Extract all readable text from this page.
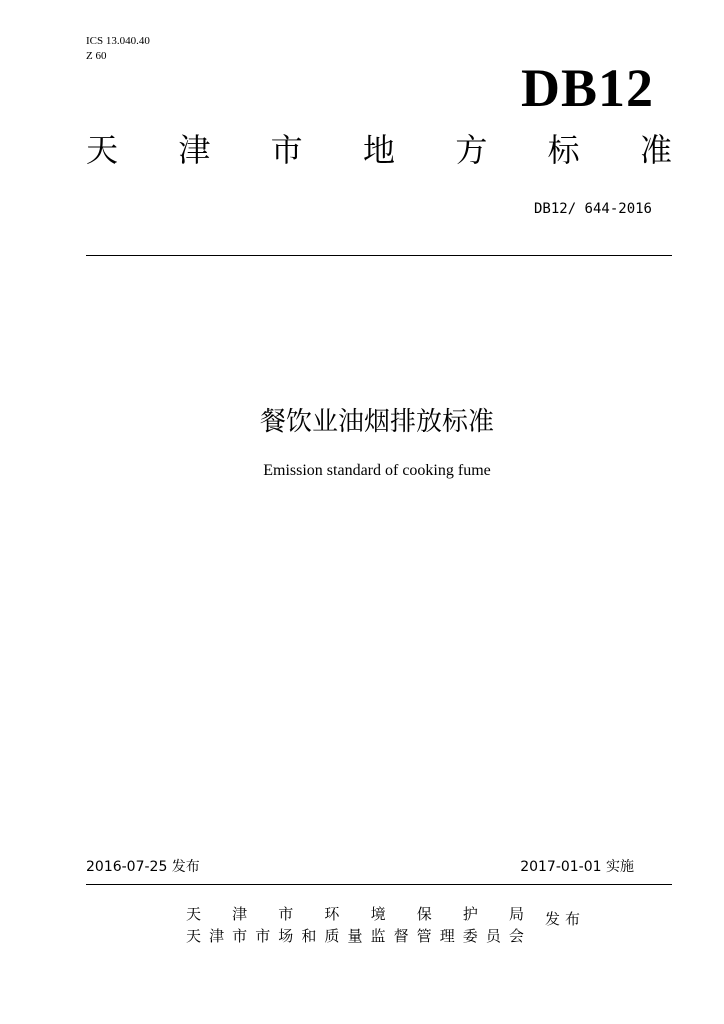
ICS 13.040.40
Z 60
DB12
天 津 市 地 方 标 准
DB12/ 644-2016
餐饮业油烟排放标准
Emission standard of cooking fume
2016-07-25 发布	2017-01-01 实施
天 津 市 环 境 保 护 局
天 津 市 市 场 和 质 量 监 督 管 理 委 员 会
发布
